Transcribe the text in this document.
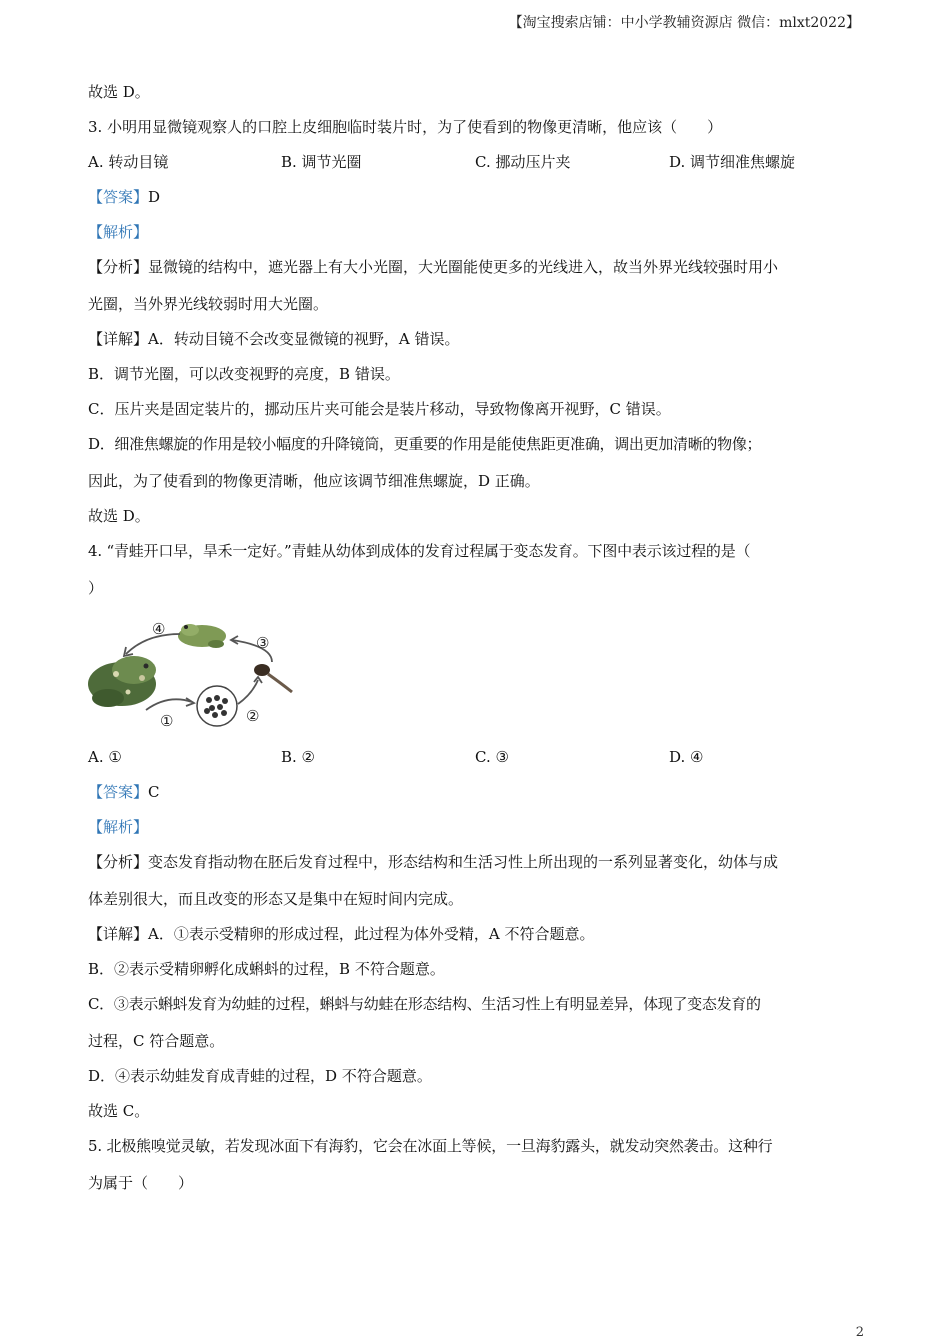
【淘宝搜索店铺：中小学教辅资源店 微信：mlxt2022】
故选 D。
3. 小明用显微镜观察人的口腔上皮细胞临时装片时，为了使看到的物像更清晰，他应该（　　）
A. 转动目镜	B. 调节光圈	C. 挪动压片夹	D. 调节细准焦螺旋
【答案】D
【解析】
【分析】显微镜的结构中，遮光器上有大小光圈，大光圈能使更多的光线进入，故当外界光线较强时用小
光圈，当外界光线较弱时用大光圈。
【详解】A．转动目镜不会改变显微镜的视野，A 错误。
B．调节光圈，可以改变视野的亮度，B 错误。
C．压片夹是固定装片的，挪动压片夹可能会是装片移动，导致物像离开视野，C 错误。
D．细准焦螺旋的作用是较小幅度的升降镜筒，更重要的作用是能使焦距更准确，调出更加清晰的物像；
因此，为了使看到的物像更清晰，他应该调节细准焦螺旋，D 正确。
故选 D。
4. “青蛙开口早，旱禾一定好。”青蛙从幼体到成体的发育过程属于变态发育。下图中表示该过程的是（
）
①	②
③
④
A. ①	B. ②	C. ③	D. ④
【答案】C
【解析】
【分析】变态发育指动物在胚后发育过程中，形态结构和生活习性上所出现的一系列显著变化，幼体与成
体差别很大，而且改变的形态又是集中在短时间内完成。
【详解】A．①表示受精卵的形成过程，此过程为体外受精，A 不符合题意。
B．②表示受精卵孵化成蝌蚪的过程，B 不符合题意。
C．③表示蝌蚪发育为幼蛙的过程，蝌蚪与幼蛙在形态结构、生活习性上有明显差异，体现了变态发育的
过程，C 符合题意。
D．④表示幼蛙发育成青蛙的过程，D 不符合题意。
故选 C。
5. 北极熊嗅觉灵敏，若发现冰面下有海豹，它会在冰面上等候，一旦海豹露头，就发动突然袭击。这种行
为属于（　　）
2
